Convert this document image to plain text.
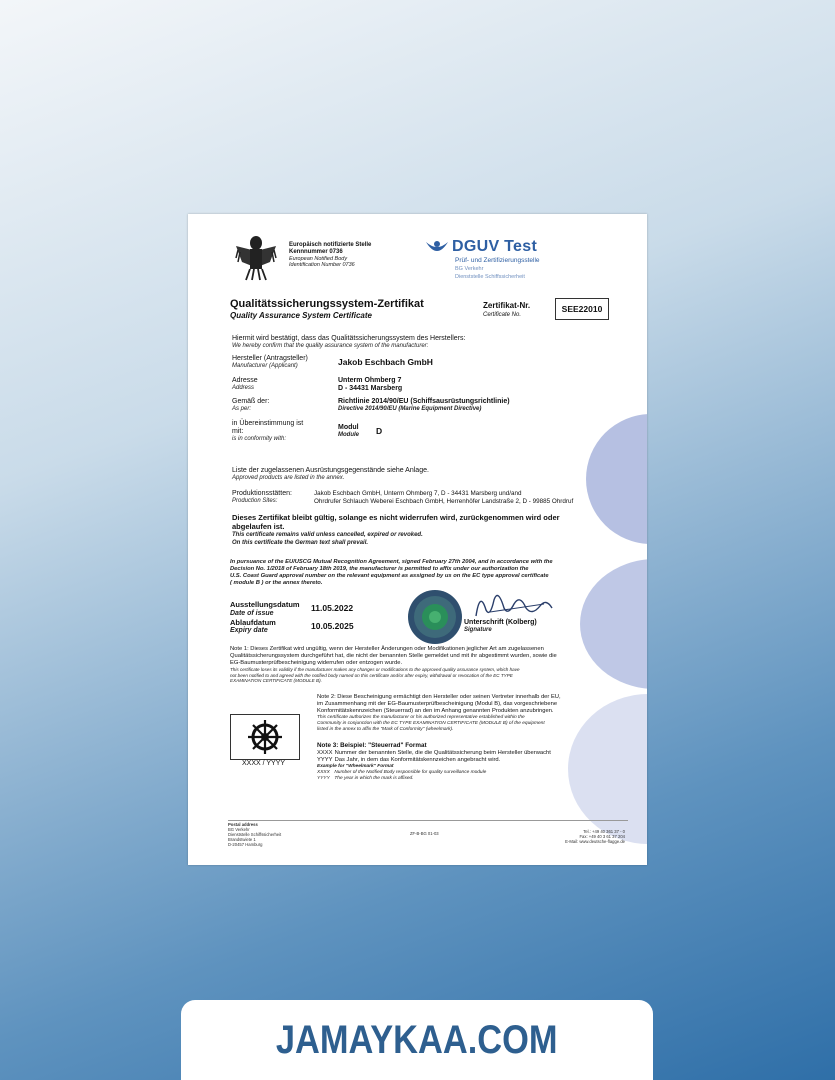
Europäisch notifizierte Stelle
Kennnummer 0736
European Notified Body
Identification Number 0736
DGUV Test
Prüf- und Zertifizierungsstelle
BG Verkehr
Dienststelle Schiffssicherheit
Qualitätssicherungssystem-Zertifikat
Quality Assurance System Certificate
Zertifikat-Nr.
Certificate No.
SEE22010
Hiermit wird bestätigt, dass das Qualitätssicherungssystem des Herstellers:
We hereby confirm that the quality assurance system of the manufacturer:
Hersteller (Antragsteller)
Manufacturer (Applicant)	Jakob Eschbach GmbH
Adresse
Address
Unterm Ohmberg 7
D - 34431 Marsberg
Gemäß der:
As per:
Richtlinie 2014/90/EU (Schiffsausrüstungsrichtlinie)
Directive 2014/90/EU (Marine Equipment Directive)
in Übereinstimmung ist
mit:
is in conformity with:
Modul
Module D
Liste der zugelassenen Ausrüstungsgegenstände siehe Anlage.
Approved products are listed in the annex.
Produktionsstätten:
Production Sites:
Jakob Eschbach GmbH, Unterm Ohmberg 7, D - 34431 Marsberg und/and
Ohrdrufer Schlauch Weberei Eschbach GmbH, Herrenhöfer Landstraße 2, D - 99885 Ohrdruf
Dieses Zertifikat bleibt gültig, solange es nicht widerrufen wird, zurückgenommen wird oder
abgelaufen ist.
This certificate remains valid unless cancelled, expired or revoked.
On this certificate the German text shall prevail.
In pursuance of the EU/USCG Mutual Recognition Agreement, signed February 27th 2004, and in accordance with the
Decision No. 1/2018 of February 18th 2019, the manufacturer is permitted to affix under our authorization the
U.S. Coast Guard approval number on the relevant equipment as assigned by us on the EC type approval certificate
( module B ) or the annex thereto.
Ausstellungsdatum
Date of issue
11.05.2022
Ablaufdatum
Expiry date	10.05.2025	Unterschrift (Kolberg)
Signature
Note 1: Dieses Zertifikat wird ungültig, wenn der Hersteller Änderungen oder Modifikationen jeglicher Art am zugelassenen
Qualitätssicherungssystem durchgeführt hat, die nicht der benannten Stelle gemeldet und mit ihr abgestimmt wurden, sowie die
EG-Baumusterprüfbescheinigung widerrufen oder entzogen wurde.
This certificate loses its validity if the manufacturer makes any changes or modifications to the approved quality assurance system, which have
not been notified to and agreed with the notified body named on this certificate and/or after expiry, withdrawal or revocation of the EC TYPE
EXAMINATION CERTIFICATE (MODULE B).
XXXX / YYYY
Note 2: Diese Bescheinigung ermächtigt den Hersteller oder seinen Vertreter innerhalb der EU,
im Zusammenhang mit der EG-Baumusterprüfbescheinigung (Modul B), das vorgeschriebene
Konformitätskennzeichen (Steuerrad) an den im Anhang genannten Produkten anzubringen.
This certificate authorizes the manufacturer or his authorized representative established within the
Community in conjunction with the EC TYPE EXAMINATION CERTIFICATE (MODULE B) of the equipment
listed in the annex to affix the "Mark of Conformity" (wheelmark).
Note 3: Beispiel: "Steuerrad" Format
XXXX Nummer der benannten Stelle, die die Qualitätssicherung beim Hersteller überwacht
YYYY Das Jahr, in dem das Konformitätskennzeichen angebracht wird.
Example for "Wheelmark" Format
XXXX Number of the Notified Body responsible for quality surveillance module
YYYY The year in which the mark is affixed.
Postal address
BG Verkehr
Dienststelle Schiffssicherheit
Brandstwiete 1
D-20457 Hamburg
ZF-B-BG 01-03	Tel.: +49 40 361 37 - 0
Fax: +49 40 3 61 37 204
E-Mail: www.deutsche-flagge.de
JAMAYKAA.COM
